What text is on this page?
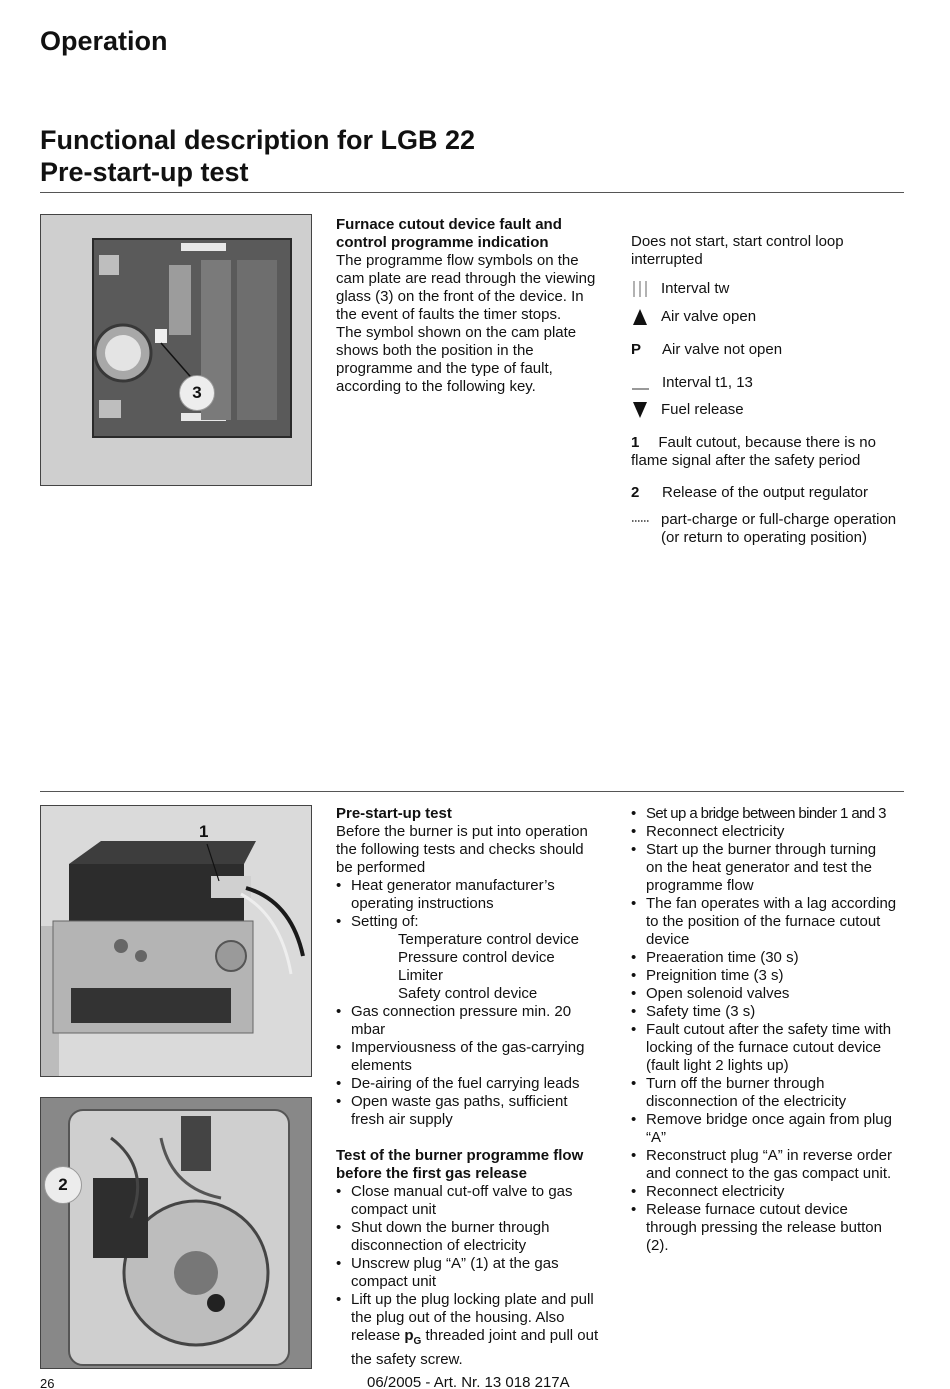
Operation
Functional description for LGB 22
Pre-start-up test
3
Furnace cutout device fault and
control programme indication

The programme flow symbols on the

cam plate are read through the viewing

glass (3) on the front of the device. In

the event of faults the timer stops.

The symbol shown on the cam plate

shows both the position in the

programme and the type of fault,

according to the following key.

Does not start, start control loop

interrupted

Interval tw
Air valve open
P	Air valve not open
Interval t1, 13
Fuel release

1 Fault cutout, because there is no

flame signal after the safety period

2	Release of the output regulator
part-charge or full-charge operation
(or return to operating position)
1
2
Pre-start-up test

Before the burner is put into operation

the following tests and checks should

be performed

• Heat generator manufacturer’s

operating instructions

• Setting of:

Temperature control device

Pressure control device

Limiter

Safety control device

• Gas connection pressure min. 20

mbar

• Imperviousness of the gas-carrying

elements

• De-airing of the fuel carrying leads

• Open waste gas paths, sufficient

fresh air supply

Test of the burner programme flow
before the first gas release

• Close manual cut-off valve to gas

compact unit

• Shut down the burner through

disconnection of electricity

• Unscrew plug “A” (1) at the gas

compact unit

• Lift up the plug locking plate and pull

the plug out of the housing. Also

release $p_G$ threaded joint and pull out

the safety screw.

• Set up a bridge between binder 1 and 3

• Reconnect electricity

• Start up the burner through turning

on the heat generator and test the

programme flow

• The fan operates with a lag according

to the position of the furnace cutout

device

• Preaeration time (30 s)

• Preignition time (3 s)

• Open solenoid valves

• Safety time (3 s)

• Fault cutout after the safety time with

locking of the furnace cutout device

(fault light 2 lights up)

• Turn off the burner through

disconnection of the electricity

• Remove bridge once again from plug

“A”

• Reconstruct plug “A” in reverse order

and connect to the gas compact unit.

• Reconnect electricity

• Release furnace cutout device

through pressing the release button

(2).

26	06/2005 - Art. Nr. 13 018 217A
